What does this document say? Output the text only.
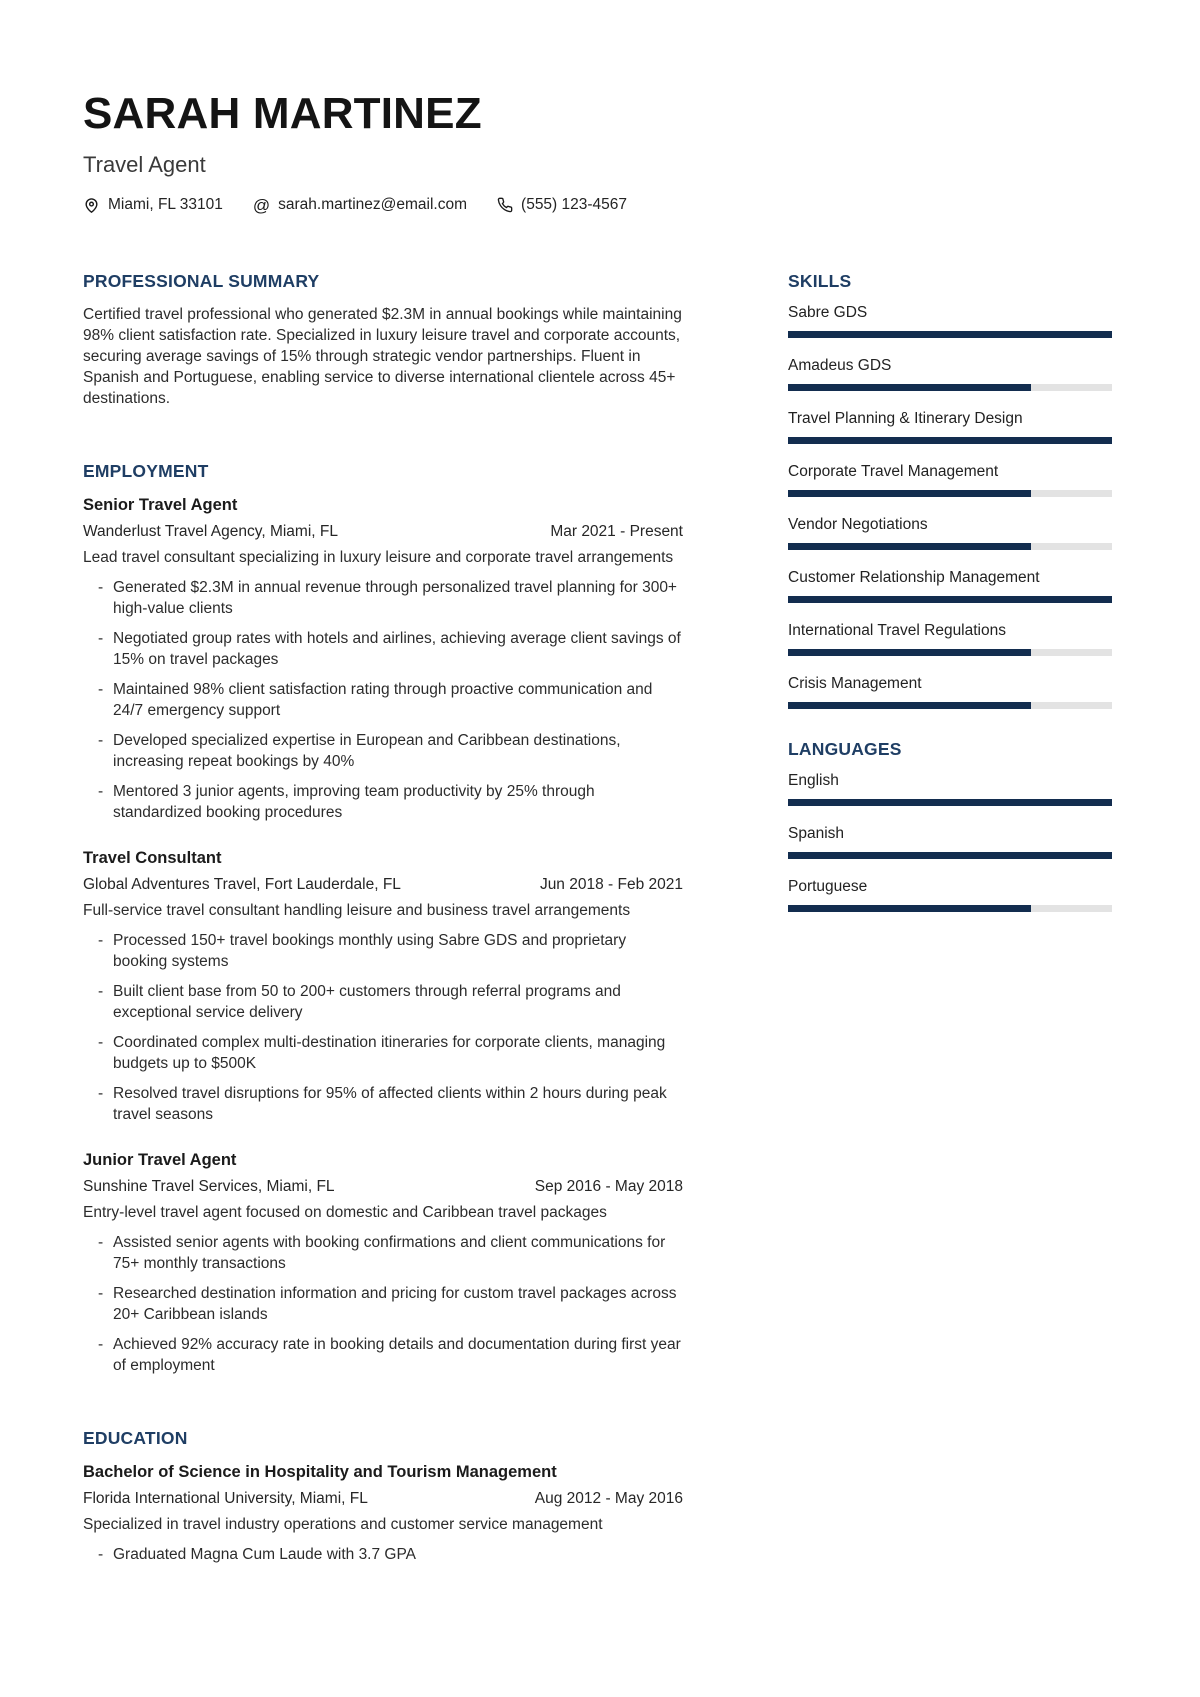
SARAH MARTINEZ
Travel Agent
Miami, FL 33101 @ sarah.martinez@email.com	(555) 123-4567
PROFESSIONAL SUMMARY
Certified travel professional who generated $2.3M in annual bookings while maintaining 98% client satisfaction rate. Specialized in luxury leisure travel and corporate accounts, securing average savings of 15% through strategic vendor partnerships. Fluent in Spanish and Portuguese, enabling service to diverse international clientele across 45+ destinations.
EMPLOYMENT
Senior Travel Agent
Wanderlust Travel Agency, Miami, FL	Mar 2021 - Present
Lead travel consultant specializing in luxury leisure and corporate travel arrangements
- Generated $2.3M in annual revenue through personalized travel planning for 300+ high-value clients
- Negotiated group rates with hotels and airlines, achieving average client savings of 15% on travel packages
- Maintained 98% client satisfaction rating through proactive communication and 24/7 emergency support
- Developed specialized expertise in European and Caribbean destinations, increasing repeat bookings by 40%
- Mentored 3 junior agents, improving team productivity by 25% through standardized booking procedures
Travel Consultant
Global Adventures Travel, Fort Lauderdale, FL	Jun 2018 - Feb 2021
Full-service travel consultant handling leisure and business travel arrangements
- Processed 150+ travel bookings monthly using Sabre GDS and proprietary booking systems
- Built client base from 50 to 200+ customers through referral programs and exceptional service delivery
- Coordinated complex multi-destination itineraries for corporate clients, managing budgets up to $500K
- Resolved travel disruptions for 95% of affected clients within 2 hours during peak travel seasons
Junior Travel Agent
Sunshine Travel Services, Miami, FL	Sep 2016 - May 2018
Entry-level travel agent focused on domestic and Caribbean travel packages
- Assisted senior agents with booking confirmations and client communications for 75+ monthly transactions
- Researched destination information and pricing for custom travel packages across 20+ Caribbean islands
- Achieved 92% accuracy rate in booking details and documentation during first year of employment
EDUCATION
Bachelor of Science in Hospitality and Tourism Management
Florida International University, Miami, FL	Aug 2012 - May 2016
Specialized in travel industry operations and customer service management
- Graduated Magna Cum Laude with 3.7 GPA
SKILLS
Sabre GDS
Amadeus GDS
Travel Planning & Itinerary Design
Corporate Travel Management
Vendor Negotiations
Customer Relationship Management
International Travel Regulations
Crisis Management
LANGUAGES
English
Spanish
Portuguese
